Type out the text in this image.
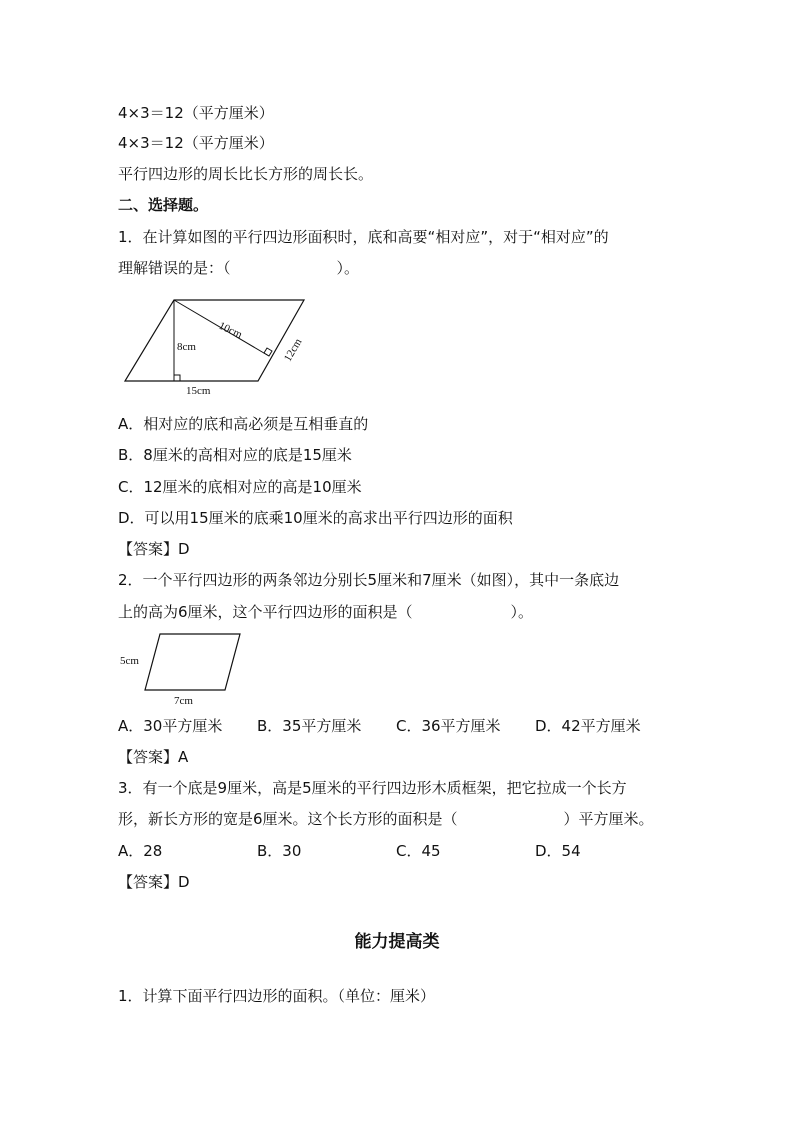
4×3＝12（平方厘米）
4×3＝12（平方厘米）
平行四边形的周长比长方形的周长长。
二、选择题。
1．在计算如图的平行四边形面积时，底和高要“相对应”，对于“相对应”的
理解错误的是：（	）。
10cm
8cm	12cm
15cm
A．相对应的底和高必须是互相垂直的
B．8厘米的高相对应的底是15厘米
C．12厘米的底相对应的高是10厘米
D．可以用15厘米的底乘10厘米的高求出平行四边形的面积
【答案】D
2．一个平行四边形的两条邻边分别长5厘米和7厘米（如图），其中一条底边
上的高为6厘米，这个平行四边形的面积是（	）。
5cm
7cm
A．30平方厘米 B．35平方厘米 C．36平方厘米 D．42平方厘米
【答案】A
3．有一个底是9厘米，高是5厘米的平行四边形木质框架，把它拉成一个长方
形，新长方形的宽是6厘米。这个长方形的面积是（	）平方厘米。
A．28	B．30	C．45	D．54
【答案】D
能力提高类
1．计算下面平行四边形的面积。（单位：厘米）
